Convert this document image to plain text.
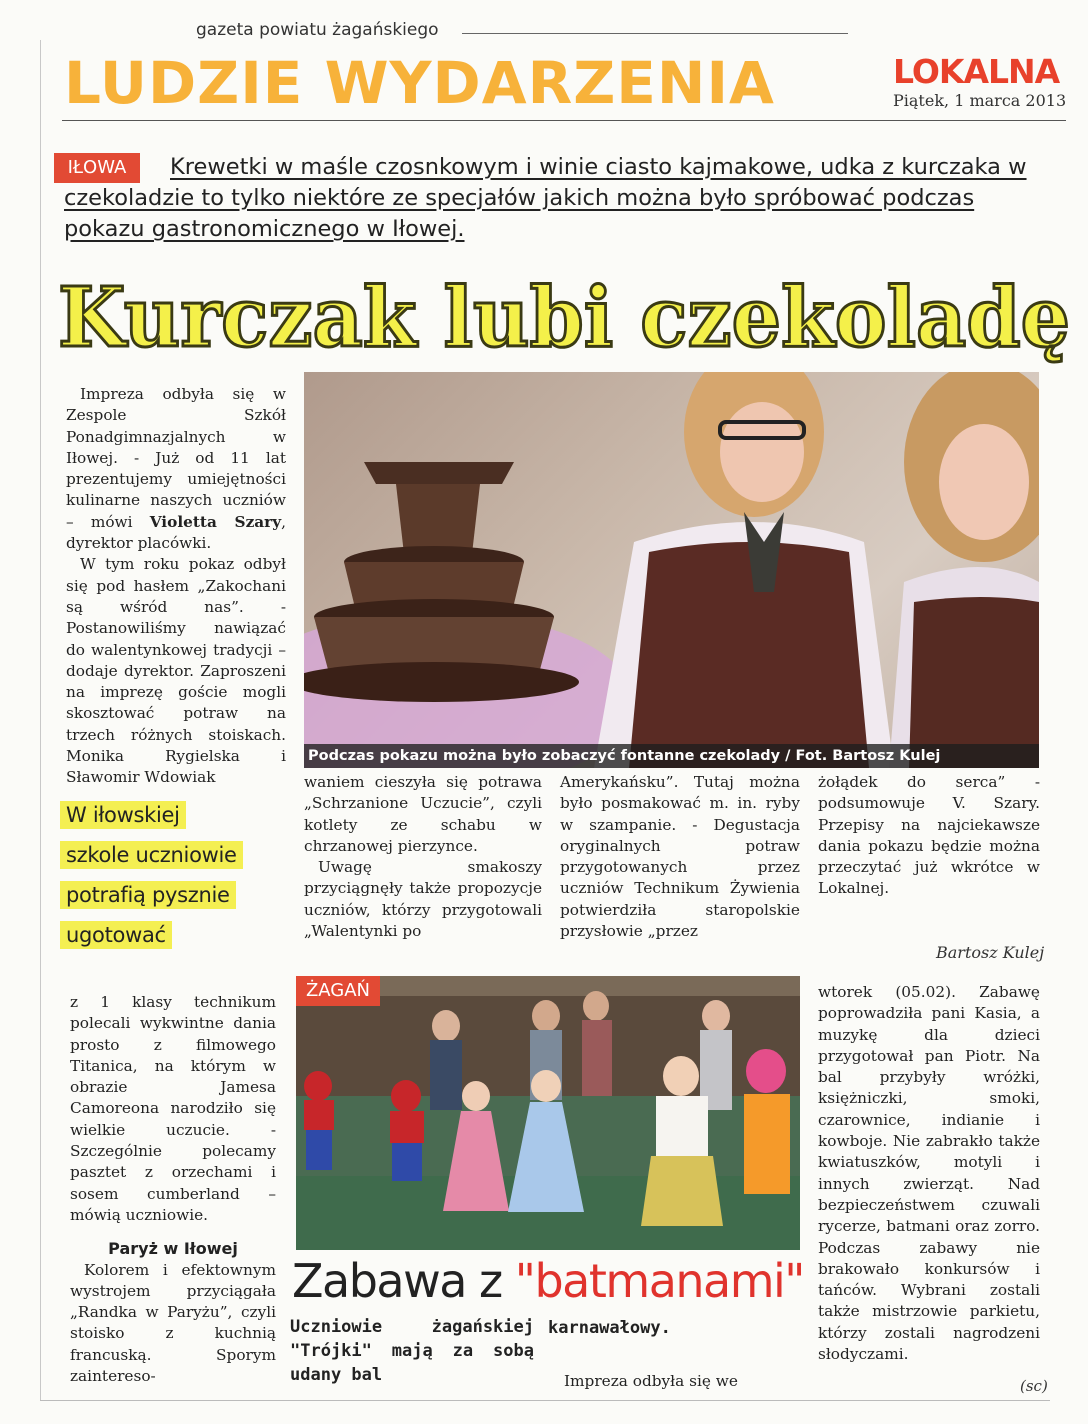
gazeta powiatu żagańskiego
LUDZIE WYDARZENIA	LOKALNA
Piątek, 1 marca 2013
IŁOWA	Krewetki w maśle czosnkowym i winie ciasto kajmakowe, udka z kurczaka w czekoladzie to tylko niektóre ze specjałów jakich można było spróbować podczas pokazu gastronomicznego w Iłowej.
Kurczak lubi czekoladę
Podczas pokazu można było zobaczyć fontanne czekolady / Fot. Bartosz Kulej

Impreza odbyła się w Zespole Szkół Ponadgimnazjalnych w Iłowej. - Już od 11 lat prezentujemy umiejętności kulinarne naszych uczniów – mówi Violetta Szary, dyrektor placówki.

W tym roku pokaz odbył się pod hasłem „Zakochani są wśród nas”. - Postanowiliśmy nawiązać do walentynkowej tradycji – dodaje dyrektor. Zaproszeni na imprezę goście mogli skosztować potraw na trzech różnych stoiskach. Monika Rygielska i Sławomir Wdowiak

W iłowskiej
szkole uczniowie
potrafią pysznie
ugotować

z 1 klasy technikum polecali wykwintne dania prosto z filmowego Titanica, na którym w obrazie Jamesa Camoreona narodziło się wielkie uczucie. - Szczególnie polecamy pasztet z orzechami i sosem cumberland – mówią uczniowie.

Paryż w Iłowej

Kolorem i efektownym wystrojem przyciągała „Randka w Paryżu”, czyli stoisko z kuchnią francuską. Sporym zaintereso-

waniem cieszyła się potrawa „Schrzanione Uczucie”, czyli kotlety ze schabu w chrzanowej pierzynce.

Uwagę smakoszy przyciągnęły także propozycje uczniów, którzy przygotowali „Walentynki po

Amerykańsku”. Tutaj można było posmakować m. in. ryby w szampanie. - Degustacja oryginalnych potraw przygotowanych przez uczniów Technikum Żywienia potwierdziła staropolskie przysłowie „przez

żołądek do serca” - podsumowuje V. Szary. Przepisy na najciekawsze dania pokazu będzie można przeczytać już wkrótce w Lokalnej.

Bartosz Kulej
ŻAGAŃ
Zabawa z "batmanami"
Uczniowie żagańskiej "Trójki" mają za sobą udany bal
karnawałowy.
Impreza odbyła się we

wtorek (05.02). Zabawę poprowadziła pani Kasia, a muzykę dla dzieci przygotował pan Piotr. Na bal przybyły wróżki, księżniczki, smoki, czarownice, indianie i kowboje. Nie zabrakło także kwiatuszków, motyli i innych zwierząt. Nad bezpieczeństwem czuwali rycerze, batmani oraz zorro. Podczas zabawy nie brakowało konkursów i tańców. Wybrani zostali także mistrzowie parkietu, którzy zostali nagrodzeni słodyczami.

(sc)
